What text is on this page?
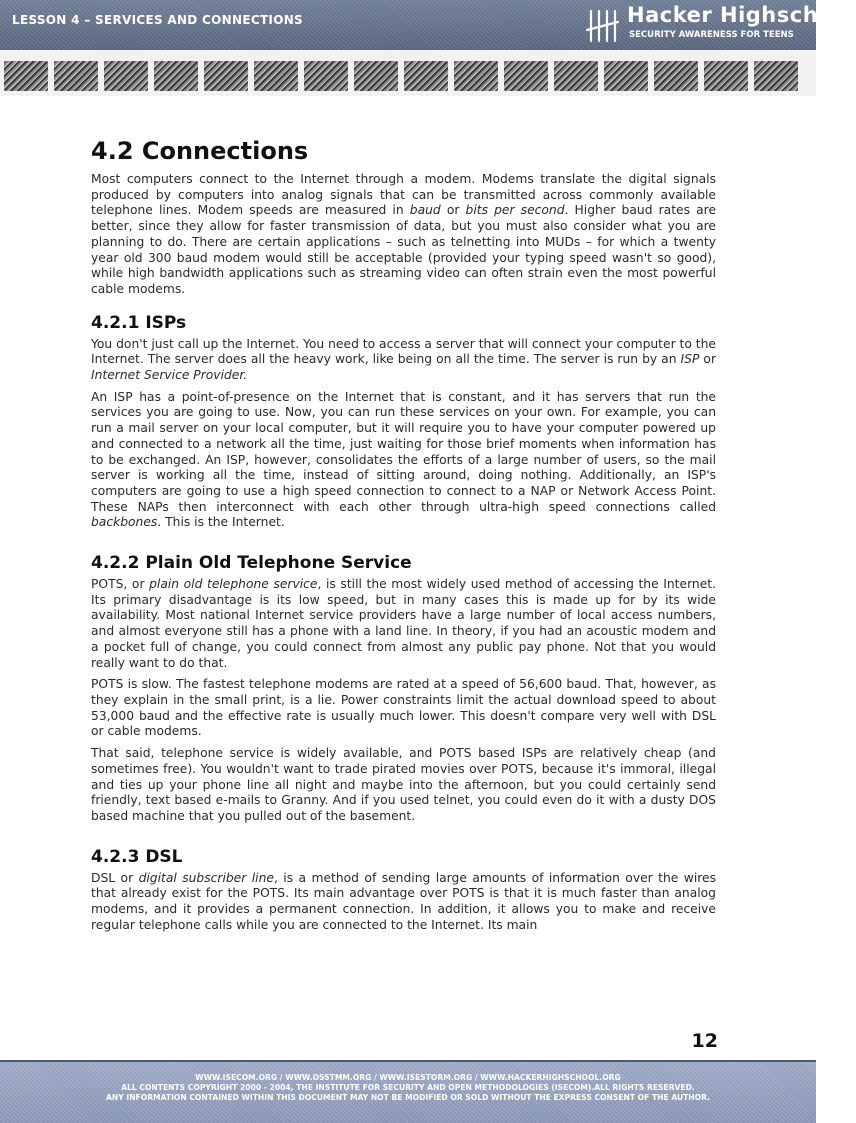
LESSON 4 – SERVICES AND CONNECTIONS	Hacker Highschool
SECURITY AWARENESS FOR TEENS
4.2 Connections

Most computers connect to the Internet through a modem. Modems translate the digital signals produced by computers into analog signals that can be transmitted across commonly available telephone lines. Modem speeds are measured in baud or bits per second. Higher baud rates are better, since they allow for faster transmission of data, but you must also consider what you are planning to do. There are certain applications – such as telnetting into MUDs – for which a twenty year old 300 baud modem would still be acceptable (provided your typing speed wasn't so good), while high bandwidth applications such as streaming video can often strain even the most powerful cable modems.

4.2.1 ISPs

You don't just call up the Internet. You need to access a server that will connect your computer to the Internet. The server does all the heavy work, like being on all the time. The server is run by an ISP or Internet Service Provider.

An ISP has a point-of-presence on the Internet that is constant, and it has servers that run the services you are going to use. Now, you can run these services on your own. For example, you can run a mail server on your local computer, but it will require you to have your computer powered up and connected to a network all the time, just waiting for those brief moments when information has to be exchanged. An ISP, however, consolidates the efforts of a large number of users, so the mail server is working all the time, instead of sitting around, doing nothing. Additionally, an ISP's computers are going to use a high speed connection to connect to a NAP or Network Access Point. These NAPs then interconnect with each other through ultra-high speed connections called backbones. This is the Internet.

4.2.2 Plain Old Telephone Service

POTS, or plain old telephone service, is still the most widely used method of accessing the Internet. Its primary disadvantage is its low speed, but in many cases this is made up for by its wide availability. Most national Internet service providers have a large number of local access numbers, and almost everyone still has a phone with a land line. In theory, if you had an acoustic modem and a pocket full of change, you could connect from almost any public pay phone. Not that you would really want to do that.

POTS is slow. The fastest telephone modems are rated at a speed of 56,600 baud. That, however, as they explain in the small print, is a lie. Power constraints limit the actual download speed to about 53,000 baud and the effective rate is usually much lower. This doesn't compare very well with DSL or cable modems.

That said, telephone service is widely available, and POTS based ISPs are relatively cheap (and sometimes free). You wouldn't want to trade pirated movies over POTS, because it's immoral, illegal and ties up your phone line all night and maybe into the afternoon, but you could certainly send friendly, text based e-mails to Granny. And if you used telnet, you could even do it with a dusty DOS based machine that you pulled out of the basement.

4.2.3 DSL

DSL or digital subscriber line, is a method of sending large amounts of information over the wires that already exist for the POTS. Its main advantage over POTS is that it is much faster than analog modems, and it provides a permanent connection. In addition, it allows you to make and receive regular telephone calls while you are connected to the Internet. Its main

12
WWW.ISECOM.ORG / WWW.OSSTMM.ORG / WWW.ISESTORM.ORG / WWW.HACKERHIGHSCHOOL.ORG
ALL CONTENTS COPYRIGHT 2000 - 2004, THE INSTITUTE FOR SECURITY AND OPEN METHODOLOGIES (ISECOM).ALL RIGHTS RESERVED.
ANY INFORMATION CONTAINED WITHIN THIS DOCUMENT MAY NOT BE MODIFIED OR SOLD WITHOUT THE EXPRESS CONSENT OF THE AUTHOR.
